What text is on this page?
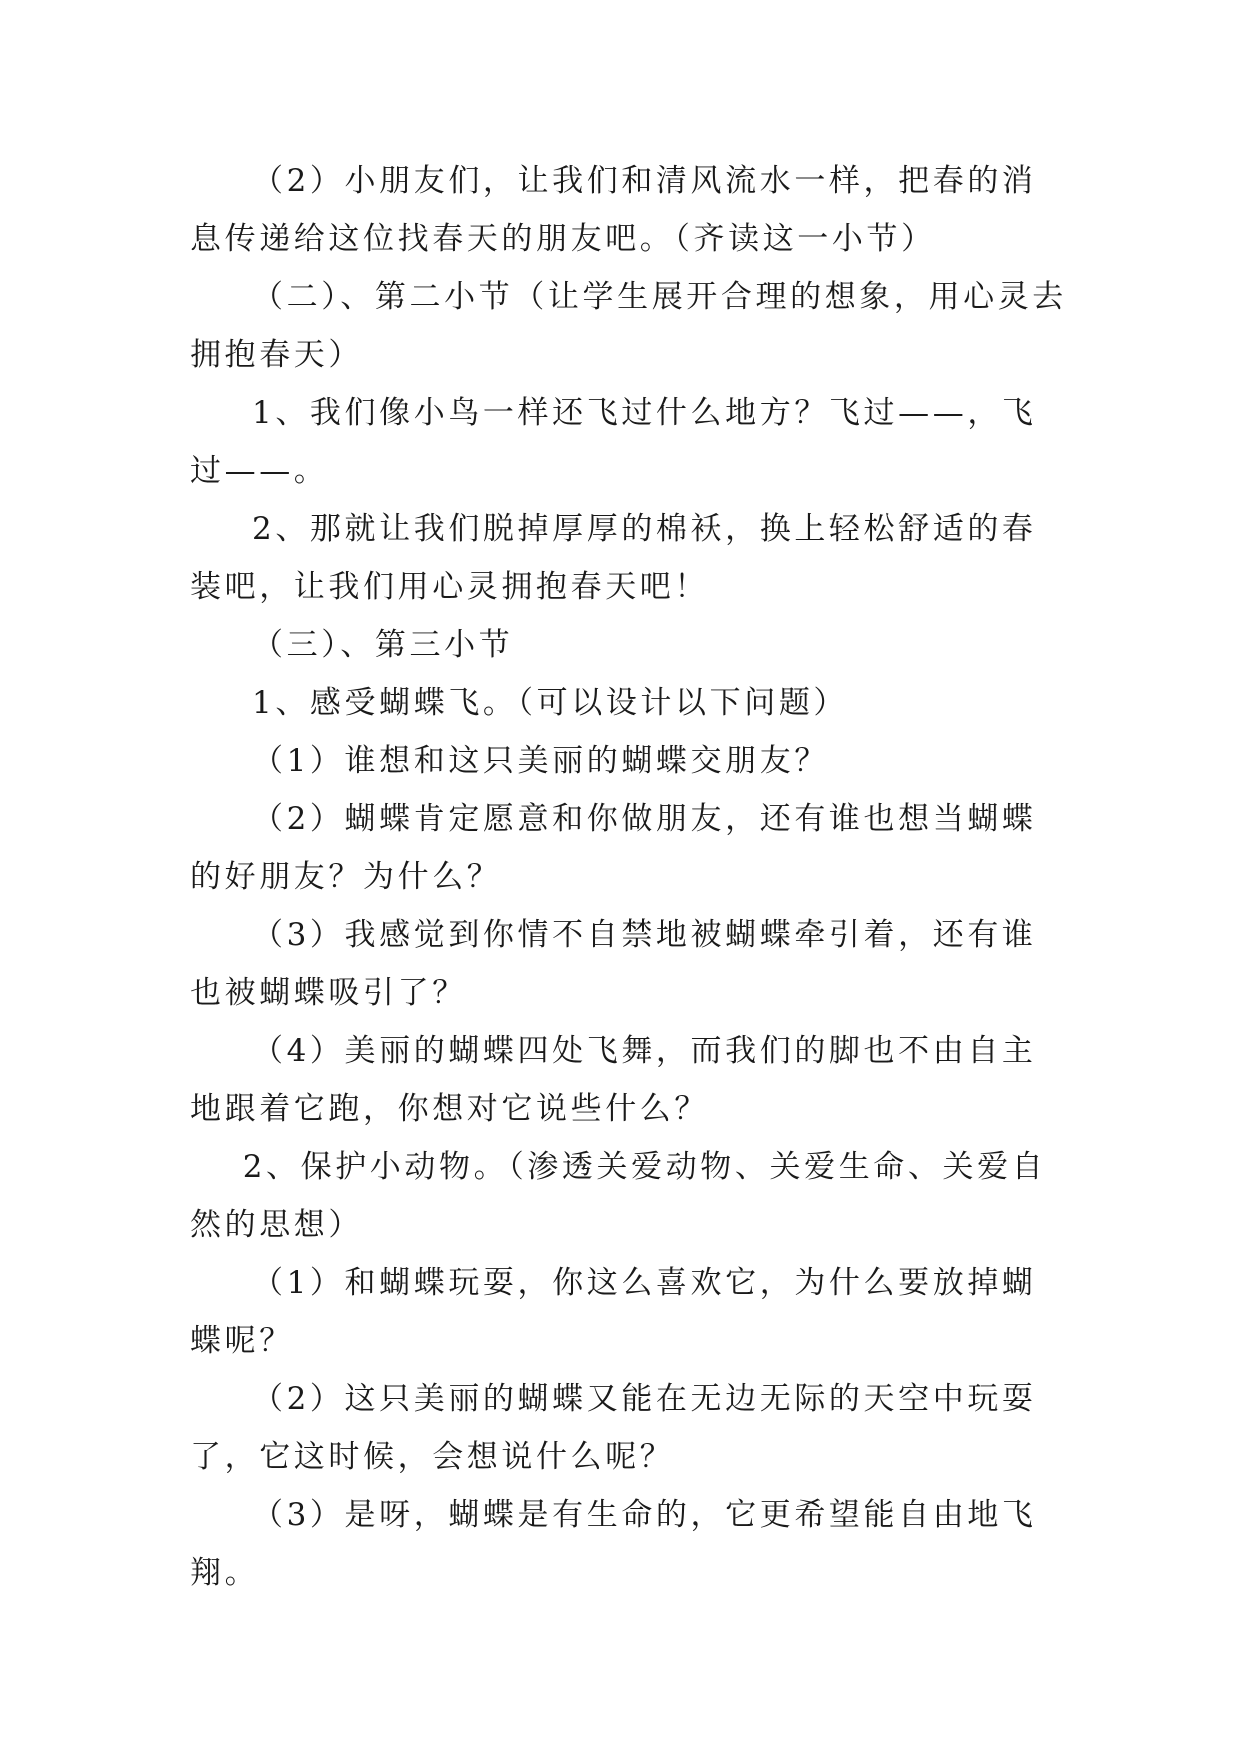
（2）小朋友们，让我们和清风流水一样，把春的消息传递给这位找春天的朋友吧。（齐读这一小节）

（二）、第二小节（让学生展开合理的想象，用心灵去拥抱春天）

1、我们像小鸟一样还飞过什么地方？飞过——，飞过——。

2、那就让我们脱掉厚厚的棉袄，换上轻松舒适的春装吧，让我们用心灵拥抱春天吧！

（三）、第三小节

1、感受蝴蝶飞。（可以设计以下问题）

（1）谁想和这只美丽的蝴蝶交朋友？

（2）蝴蝶肯定愿意和你做朋友，还有谁也想当蝴蝶的好朋友？为什么？

（3）我感觉到你情不自禁地被蝴蝶牵引着，还有谁也被蝴蝶吸引了？

（4）美丽的蝴蝶四处飞舞，而我们的脚也不由自主地跟着它跑，你想对它说些什么？

2、保护小动物。（渗透关爱动物、关爱生命、关爱自然的思想）

（1）和蝴蝶玩耍，你这么喜欢它，为什么要放掉蝴蝶呢？

（2）这只美丽的蝴蝶又能在无边无际的天空中玩耍了，它这时候，会想说什么呢？

（3）是呀，蝴蝶是有生命的，它更希望能自由地飞翔。
